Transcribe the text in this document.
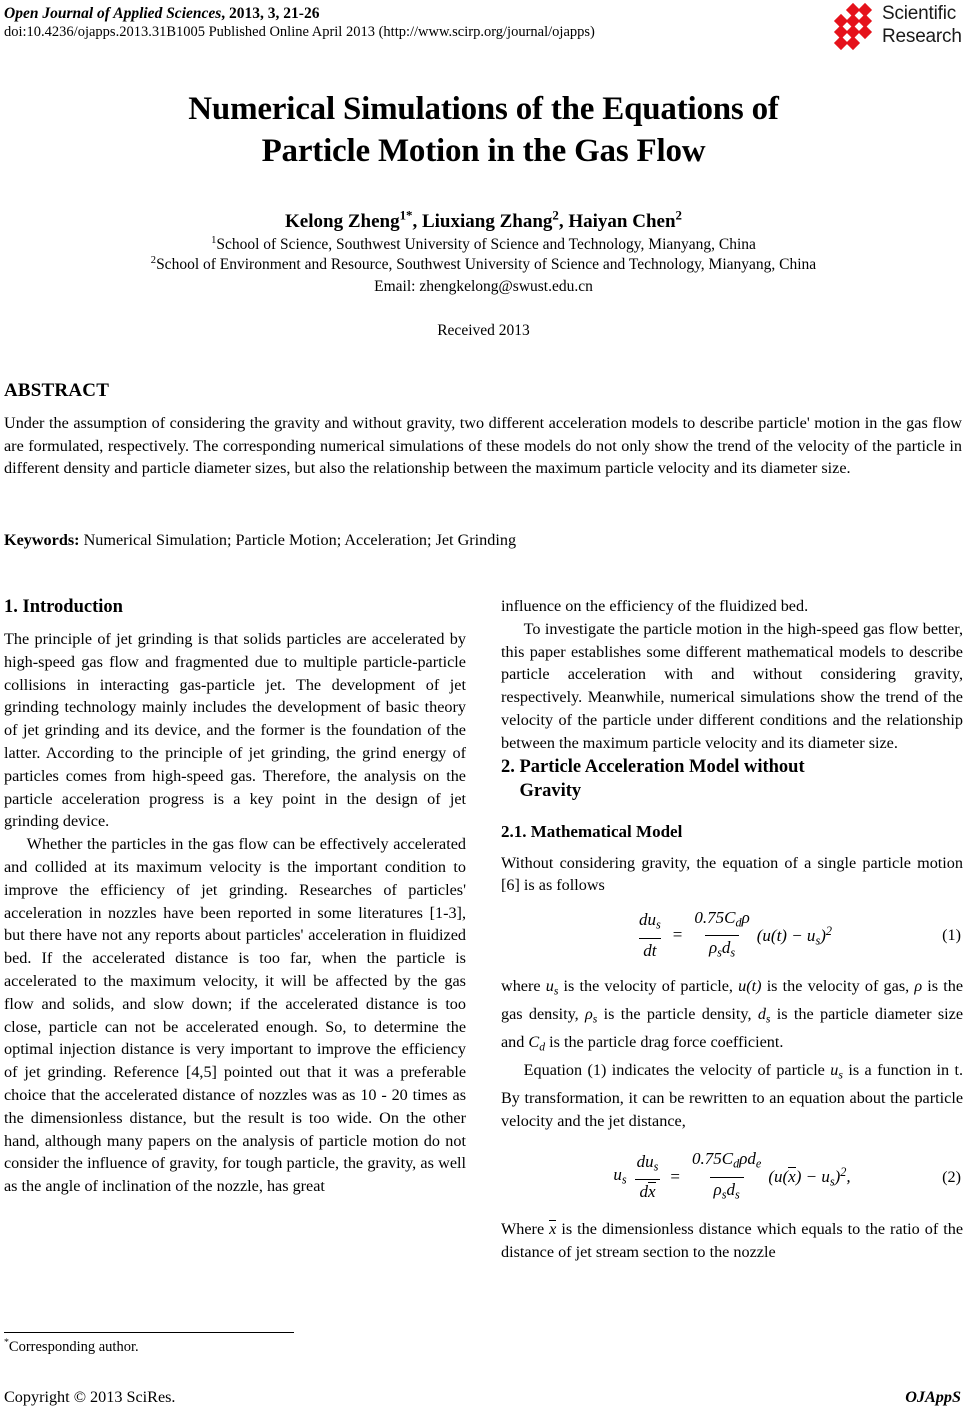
Open Journal of Applied Sciences, 2013, 3, 21-26
doi:10.4236/ojapps.2013.31B1005 Published Online April 2013 (http://www.scirp.org/journal/ojapps)
Scientific
Research
Numerical Simulations of the Equations of
Particle Motion in the Gas Flow
Kelong Zheng$^{1*}$, Liuxiang Zhang$^2$, Haiyan Chen$^2$
$^1$School of Science, Southwest University of Science and Technology, Mianyang, China
$^2$School of Environment and Resource, Southwest University of Science and Technology, Mianyang, China
Email: zhengkelong@swust.edu.cn
Received 2013
ABSTRACT
Under the assumption of considering the gravity and without gravity, two different acceleration models to describe particle' motion in the gas flow are formulated, respectively. The corresponding numerical simulations of these models do not only show the trend of the velocity of the particle in different density and particle diameter sizes, but also the relationship between the maximum particle velocity and its diameter size.
Keywords: Numerical Simulation; Particle Motion; Acceleration; Jet Grinding
1. Introduction

The principle of jet grinding is that solids particles are accelerated by high-speed gas flow and fragmented due to multiple particle-particle collisions in interacting gas-particle jet. The development of jet grinding technology mainly includes the development of basic theory of jet grinding and its device, and the former is the foundation of the latter. According to the principle of jet grinding, the grind energy of particles comes from high-speed gas. Therefore, the analysis on the particle acceleration progress is a key point in the design of jet grinding device.

Whether the particles in the gas flow can be effectively accelerated and collided at its maximum velocity is the important condition to improve the efficiency of jet grinding. Researches of particles' acceleration in nozzles have been reported in some literatures [1-3], but there have not any reports about particles' acceleration in fluidized bed. If the accelerated distance is too far, when the particle is accelerated to the maximum velocity, it will be affected by the gas flow and solids, and slow down; if the accelerated distance is too close, particle can not be accelerated enough. So, to determine the optimal injection distance is very important to improve the efficiency of jet grinding. Reference [4,5] pointed out that it was a preferable choice that the accelerated distance of nozzles was as 10 - 20 times as the dimensionless distance, but the result is too wide. On the other hand, although many papers on the analysis of particle motion do not consider the influence of gravity, for tough particle, the gravity, as well as the angle of inclination of the nozzle, has great

influence on the efficiency of the fluidized bed.

To investigate the particle motion in the high-speed gas flow better, this paper establishes some different mathematical models to describe particle acceleration with and without considering gravity, respectively. Meanwhile, numerical simulations show the trend of the velocity of the particle under different conditions and the relationship between the maximum particle velocity and its diameter size.

2. Particle Acceleration Model without
Gravity
2.1. Mathematical Model

Without considering gravity, the equation of a single particle motion [6] is as follows

$\frac{du_s}{dt} = \frac{0.75C_d\rho}{\rho_sd_s} (u(t) - u_s)^2$	(1)

where $u_s$ is the velocity of particle, u(t) is the velocity of gas, ρ is the gas density, $\rho_s$ is the particle density, $d_s$ is the particle diameter size and $C_d$ is the particle drag force coefficient.

Equation (1) indicates the velocity of particle $u_s$ is a function in t. By transformation, it can be rewritten to an equation about the particle velocity and the jet distance,

$u_s \frac{du_s}{dx} = \frac{0.75C_d\rho d_e}{\rho_sd_s} (u(x) - u_s)^2$,	(2)

Where x is the dimensionless distance which equals to the ratio of the distance of jet stream section to the nozzle

*Corresponding author.
Copyright © 2013 SciRes.	OJAppS
